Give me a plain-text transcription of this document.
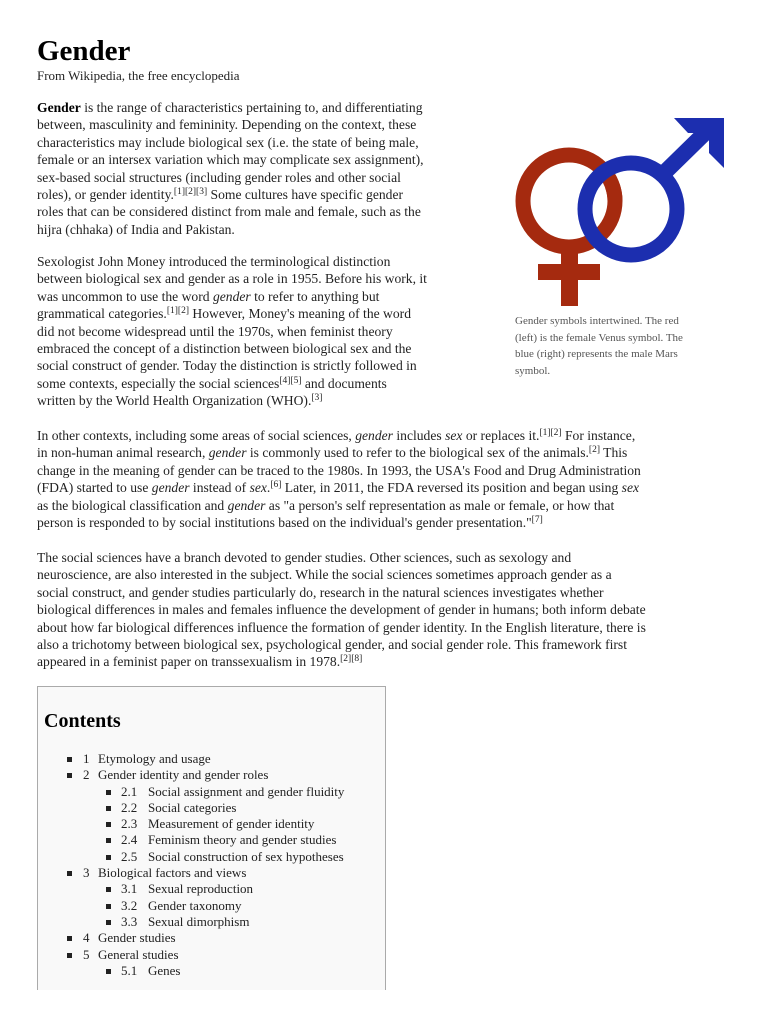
Gender

From Wikipedia, the free encyclopedia

Gender is the range of characteristics pertaining to, and differentiating
between, masculinity and femininity. Depending on the context, these
characteristics may include biological sex (i.e. the state of being male,
female or an intersex variation which may complicate sex assignment),
sex-based social structures (including gender roles and other social
roles), or gender identity.[1][2][3] Some cultures have specific gender
roles that can be considered distinct from male and female, such as the
hijra (chhaka) of India and Pakistan.

Sexologist John Money introduced the terminological distinction
between biological sex and gender as a role in 1955. Before his work, it
was uncommon to use the word gender to refer to anything but
grammatical categories.[1][2] However, Money's meaning of the word
did not become widespread until the 1970s, when feminist theory
embraced the concept of a distinction between biological sex and the
social construct of gender. Today the distinction is strictly followed in
some contexts, especially the social sciences[4][5] and documents
written by the World Health Organization (WHO).[3]

In other contexts, including some areas of social sciences, gender includes sex or replaces it.[1][2] For instance,
in non-human animal research, gender is commonly used to refer to the biological sex of the animals.[2] This
change in the meaning of gender can be traced to the 1980s. In 1993, the USA's Food and Drug Administration
(FDA) started to use gender instead of sex.[6] Later, in 2011, the FDA reversed its position and began using sex
as the biological classification and gender as "a person's self representation as male or female, or how that
person is responded to by social institutions based on the individual's gender presentation."[7]

The social sciences have a branch devoted to gender studies. Other sciences, such as sexology and
neuroscience, are also interested in the subject. While the social sciences sometimes approach gender as a
social construct, and gender studies particularly do, research in the natural sciences investigates whether
biological differences in males and females influence the development of gender in humans; both inform debate
about how far biological differences influence the formation of gender identity. In the English literature, there is
also a trichotomy between biological sex, psychological gender, and social gender role. This framework first
appeared in a feminist paper on transsexualism in 1978.[2][8]

Gender symbols intertwined. The red
(left) is the female Venus symbol. The
blue (right) represents the male Mars
symbol.

Contents
1 Etymology and usage
2 Gender identity and gender roles
2.1 Social assignment and gender fluidity
2.2 Social categories
2.3 Measurement of gender identity
2.4 Feminism theory and gender studies
2.5 Social construction of sex hypotheses
3 Biological factors and views
3.1 Sexual reproduction
3.2 Gender taxonomy
3.3 Sexual dimorphism
4 Gender studies
5 General studies
5.1 Genes
